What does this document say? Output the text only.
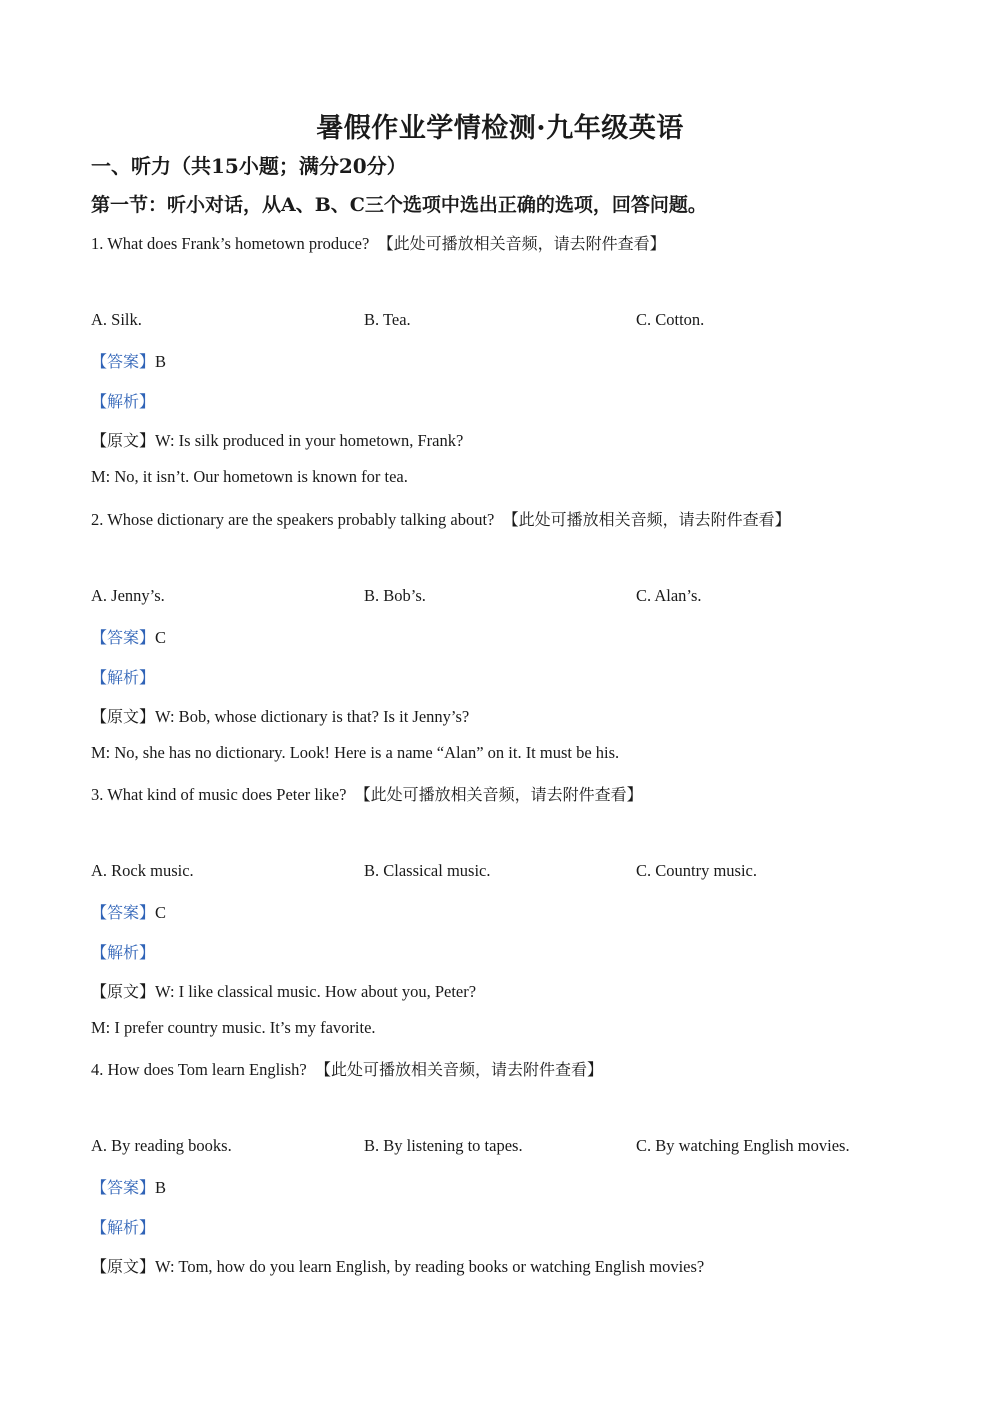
暑假作业学情检测·九年级英语
一、听力（共15小题；满分20分）
第一节：听小对话，从A、B、C三个选项中选出正确的选项，回答问题。
1. What does Frank’s hometown produce? 【此处可播放相关音频，请去附件查看】
A. Silk.	B. Tea.	C. Cotton.
【答案】B
【解析】
【原文】W: Is silk produced in your hometown, Frank?
M: No, it isn’t. Our hometown is known for tea.
2. Whose dictionary are the speakers probably talking about? 【此处可播放相关音频，请去附件查看】
A. Jenny’s.	B. Bob’s.	C. Alan’s.
【答案】C
【解析】
【原文】W: Bob, whose dictionary is that? Is it Jenny’s?
M: No, she has no dictionary. Look! Here is a name “Alan” on it. It must be his.
3. What kind of music does Peter like? 【此处可播放相关音频，请去附件查看】
A. Rock music.	B. Classical music.	C. Country music.
【答案】C
【解析】
【原文】W: I like classical music. How about you, Peter?
M: I prefer country music. It’s my favorite.
4. How does Tom learn English? 【此处可播放相关音频，请去附件查看】
A. By reading books.	B. By listening to tapes.	C. By watching English movies.
【答案】B
【解析】
【原文】W: Tom, how do you learn English, by reading books or watching English movies?
